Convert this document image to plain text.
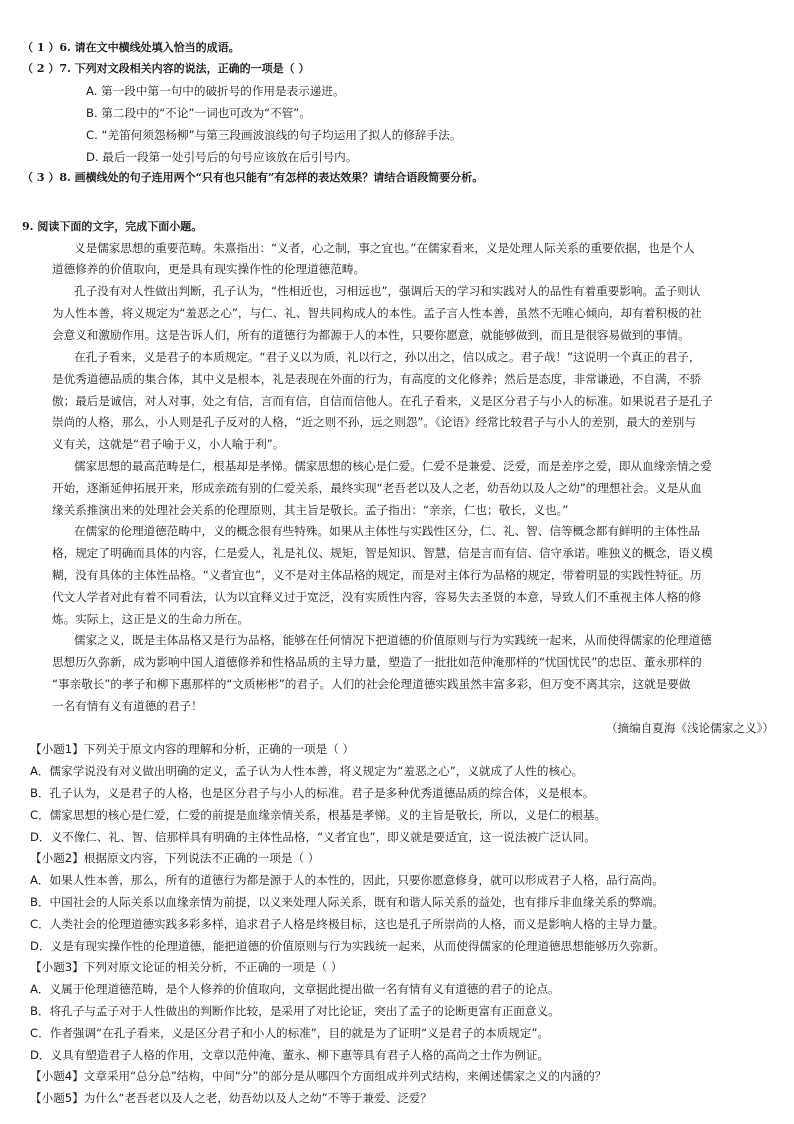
（ 1 ）6. 请在文中横线处填入恰当的成语。
（ 2 ）7. 下列对文段相关内容的说法，正确的一项是（ ）
A. 第一段中第一句中的破折号的作用是表示递进。
B. 第二段中的“不论”一词也可改为“不管”。
C. “羌笛何须怨杨柳”与第三段画波浪线的句子均运用了拟人的修辞手法。
D. 最后一段第一处引号后的句号应该放在后引号内。
（ 3 ）8. 画横线处的句子连用两个“只有也只能有”有怎样的表达效果？请结合语段简要分析。
9. 阅读下面的文字，完成下面小题。
义是儒家思想的重要范畴。朱熹指出：“义者，心之制，事之宜也。”在儒家看来，义是处理人际关系的重要依据，也是个人
道德修养的价值取向，更是具有现实操作性的伦理道德范畴。
孔子没有对人性做出判断，孔子认为，“性相近也，习相远也”，强调后天的学习和实践对人的品性有着重要影响。孟子则认
为人性本善，将义规定为“羞恶之心”，与仁、礼、智共同构成人的本性。孟子言人性本善，虽然不无唯心倾向，却有着积极的社
会意义和激励作用。这是告诉人们，所有的道德行为都源于人的本性，只要你愿意，就能够做到，而且是很容易做到的事情。
在孔子看来，义是君子的本质规定。“君子义以为质，礼以行之，孙以出之，信以成之。君子哉！”这说明一个真正的君子，
是优秀道德品质的集合体，其中义是根本，礼是表现在外面的行为，有高度的文化修养；然后是态度，非常谦逊，不自满，不骄
傲；最后是诚信，对人对事，处之有信，言而有信，自信而信他人。在孔子看来，义是区分君子与小人的标准。如果说君子是孔子
崇尚的人格，那么，小人则是孔子反对的人格，“近之则不孙，远之则怨”。《论语》经常比较君子与小人的差别，最大的差别与
义有关，这就是“君子喻于义，小人喻于利”。
儒家思想的最高范畴是仁，根基却是孝悌。儒家思想的核心是仁爱。仁爱不是兼爱、泛爱，而是差序之爱，即从血缘亲情之爱
开始，逐渐延伸拓展开来，形成亲疏有别的仁爱关系，最终实现“老吾老以及人之老，幼吾幼以及人之幼”的理想社会。义是从血
缘关系推演出来的处理社会关系的伦理原则，其主旨是敬长。孟子指出：“亲亲，仁也；敬长，义也。”
在儒家的伦理道德范畴中，义的概念很有些特殊。如果从主体性与实践性区分，仁、礼、智、信等概念都有鲜明的主体性品
格，规定了明确而具体的内容，仁是爱人，礼是礼仪、规矩，智是知识、智慧，信是言而有信、信守承诺。唯独义的概念，语义模
糊，没有具体的主体性品格。“义者宜也”，义不是对主体品格的规定，而是对主体行为品格的规定，带着明显的实践性特征。历
代文人学者对此有着不同看法，认为以宜释义过于宽泛，没有实质性内容，容易失去圣贤的本意，导致人们不重视主体人格的修
炼。实际上，这正是义的生命力所在。
儒家之义，既是主体品格又是行为品格，能够在任何情况下把道德的价值原则与行为实践统一起来，从而使得儒家的伦理道德
思想历久弥新，成为影响中国人道德修养和性格品质的主导力量，塑造了一批批如范仲淹那样的“忧国忧民”的忠臣、董永那样的
“事亲敬长”的孝子和柳下惠那样的“文质彬彬”的君子。人们的社会伦理道德实践虽然丰富多彩，但万变不离其宗，这就是要做
一名有情有义有道德的君子！
（摘编自夏海《浅论儒家之义》）
【小题1】下列关于原文内容的理解和分析，正确的一项是（ ）
A．儒家学说没有对义做出明确的定义，孟子认为人性本善，将义规定为“羞恶之心”，义就成了人性的核心。
B．孔子认为，义是君子的人格，也是区分君子与小人的标准。君子是多种优秀道德品质的综合体，义是根本。
C．儒家思想的核心是仁爱，仁爱的前提是血缘亲情关系，根基是孝悌。义的主旨是敬长，所以，义是仁的根基。
D．义不像仁、礼、智、信那样具有明确的主体性品格，“义者宜也”，即义就是要适宜，这一说法被广泛认同。
【小题2】根据原文内容，下列说法不正确的一项是（ ）
A．如果人性本善，那么，所有的道德行为都是源于人的本性的，因此，只要你愿意修身，就可以形成君子人格，品行高尚。
B．中国社会的人际关系以血缘亲情为前提，以义来处理人际关系，既有和谐人际关系的益处，也有排斥非血缘关系的弊端。
C．人类社会的伦理道德实践多彩多样，追求君子人格是终极目标，这也是孔子所崇尚的人格，而义是影响人格的主导力量。
D．义是有现实操作性的伦理道德，能把道德的价值原则与行为实践统一起来，从而使得儒家的伦理道德思想能够历久弥新。
【小题3】下列对原文论证的相关分析，不正确的一项是（ ）
A．义属于伦理道德范畴，是个人修养的价值取向，文章据此提出做一名有情有义有道德的君子的论点。
B．将孔子与孟子对于人性做出的判断作比较，是采用了对比论证，突出了孟子的论断更富有正面意义。
C．作者强调“在孔子看来，义是区分君子和小人的标准”，目的就是为了证明“义是君子的本质规定”。
D．义具有塑造君子人格的作用，文章以范仲淹、董永、柳下惠等具有君子人格的高尚之士作为例证。
【小题4】文章采用“总分总”结构，中间“分”的部分是从哪四个方面组成并列式结构，来阐述儒家之义的内涵的？
【小题5】为什么“老吾老以及人之老，幼吾幼以及人之幼”不等于兼爱、泛爱？
